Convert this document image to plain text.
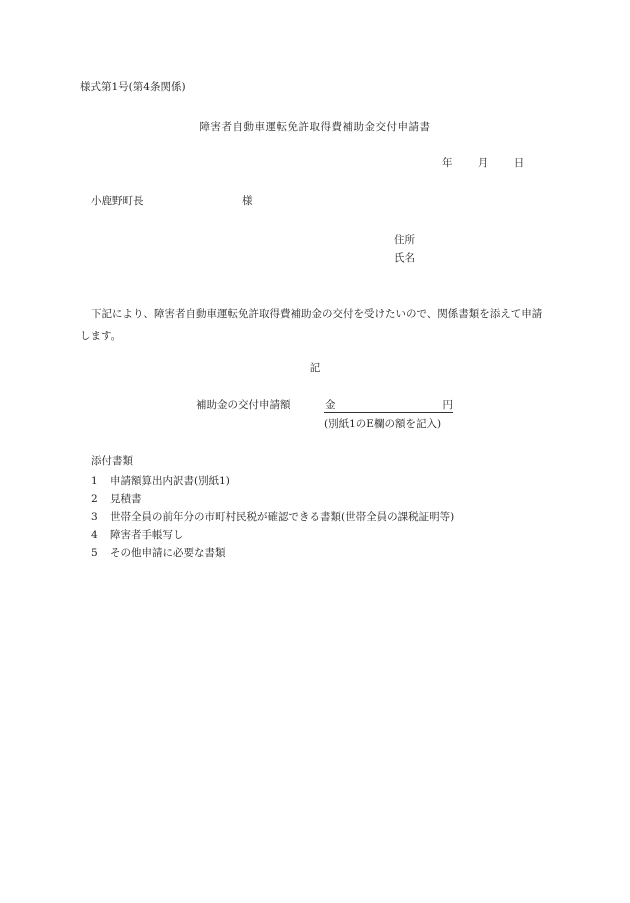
様式第1号(第4条関係)
障害者自動車運転免許取得費補助金交付申請書
年 月 日
小鹿野町長	様
住所
氏名
下記により、障害者自動車運転免許取得費補助金の交付を受けたいので、関係書類を添えて申請します。
記
補助金の交付申請額	金	円
(別紙1のE欄の額を記入)
添付書類
1 申請額算出内訳書(別紙1)
2 見積書
3 世帯全員の前年分の市町村民税が確認できる書類(世帯全員の課税証明等)
4 障害者手帳写し
5 その他申請に必要な書類
